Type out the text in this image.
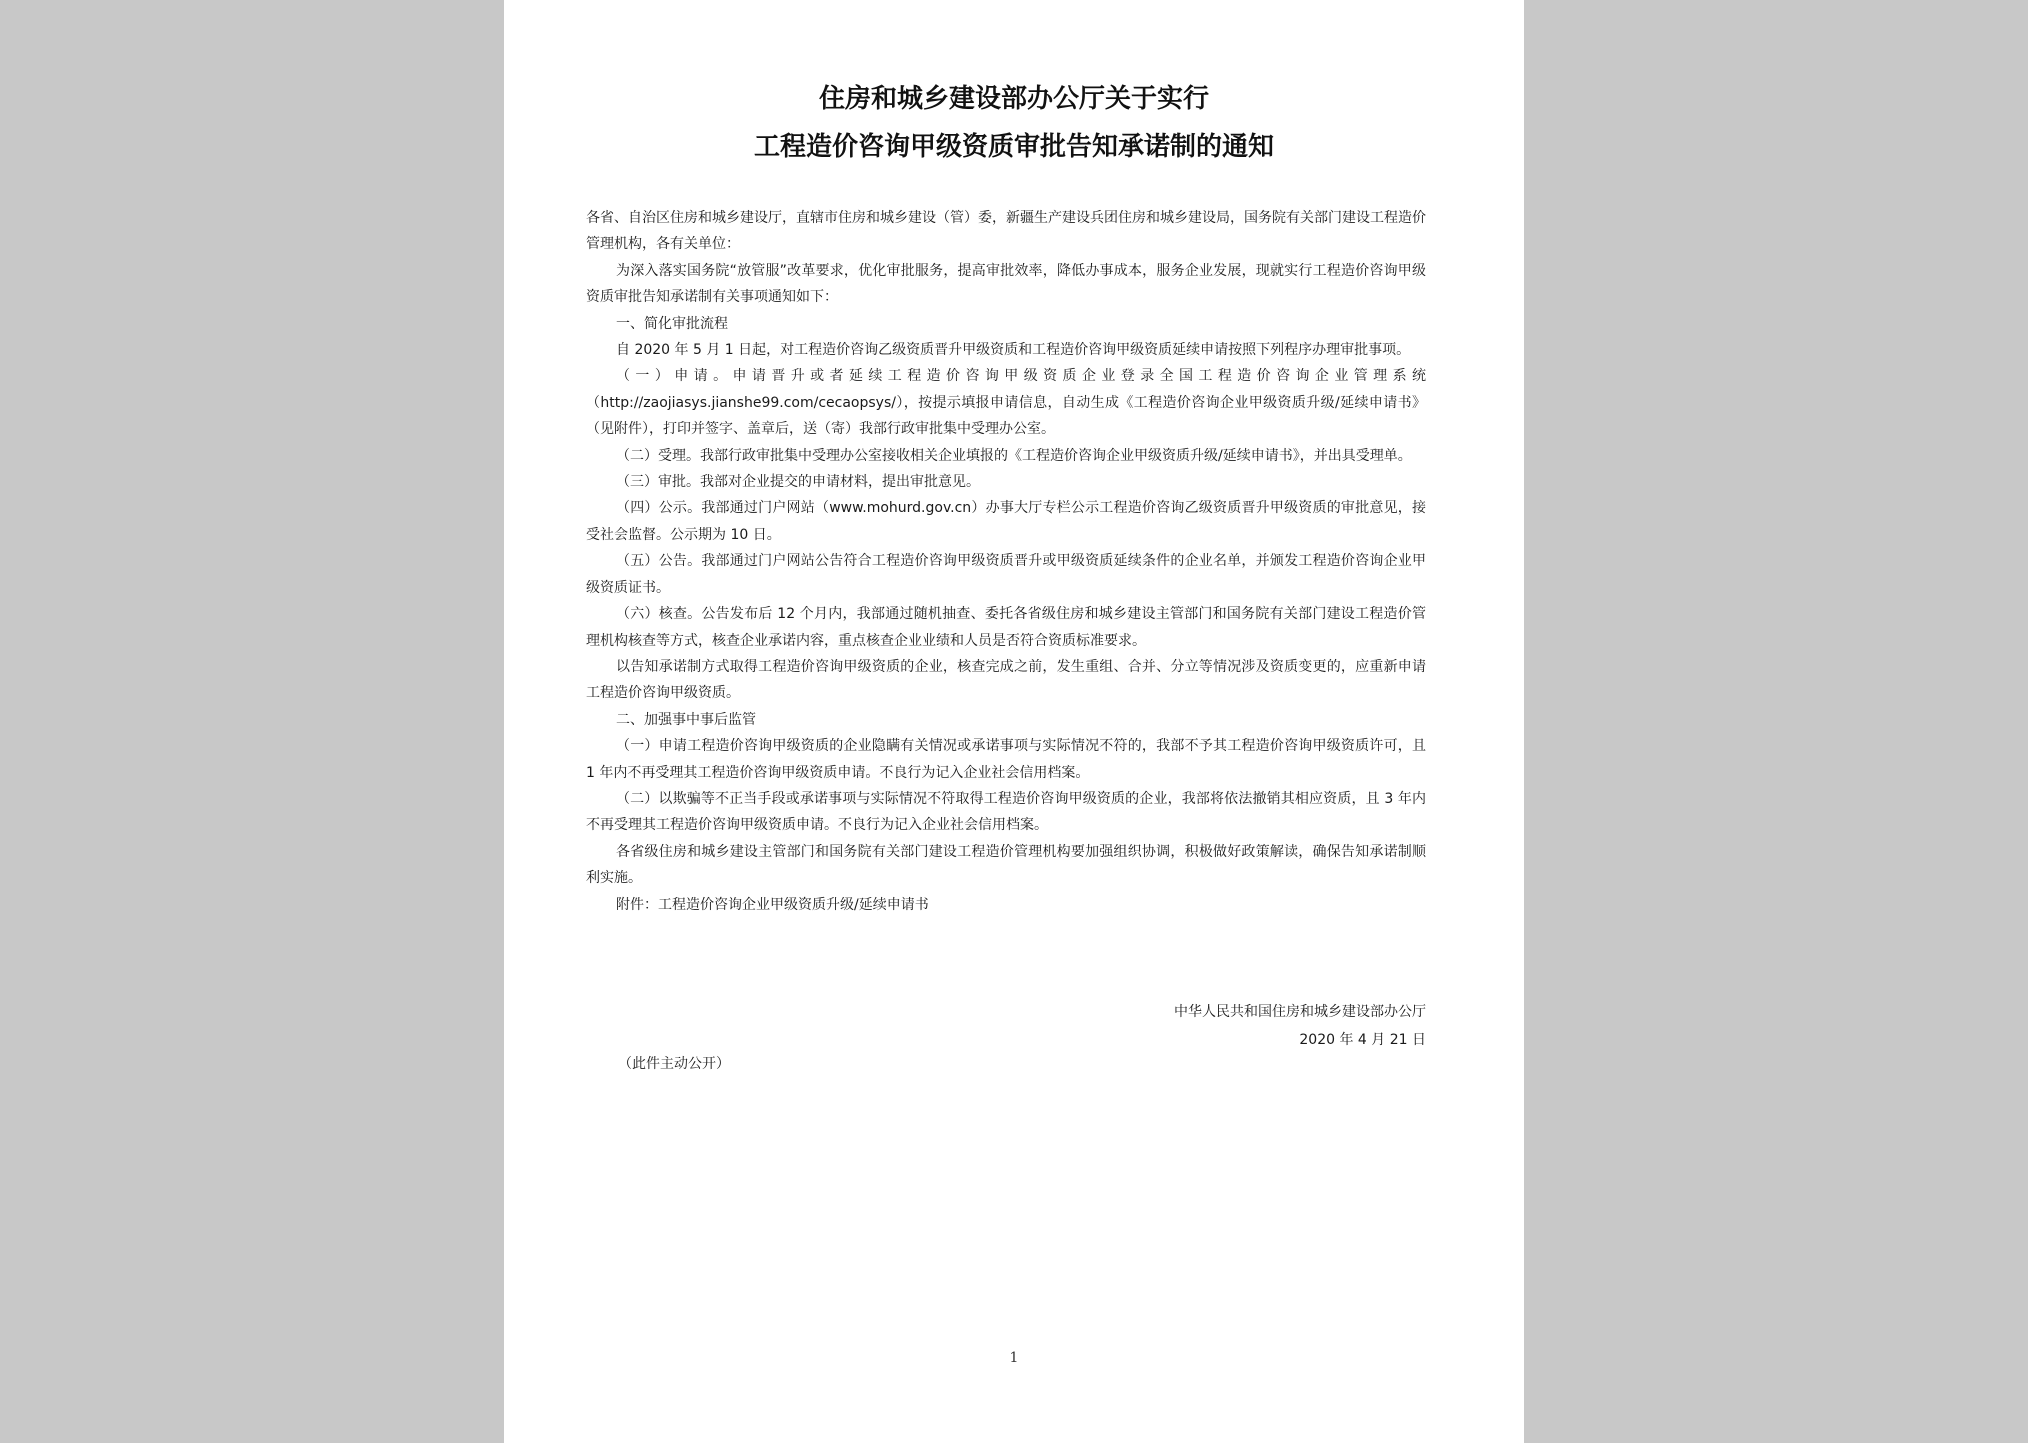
住房和城乡建设部办公厅关于实行
工程造价咨询甲级资质审批告知承诺制的通知

各省、自治区住房和城乡建设厅，直辖市住房和城乡建设（管）委，新疆生产建设兵团住房和城乡建设局，国务院有关部门建设工程造价管理机构，各有关单位：

为深入落实国务院“放管服”改革要求，优化审批服务，提高审批效率，降低办事成本，服务企业发展，现就实行工程造价咨询甲级资质审批告知承诺制有关事项通知如下：

一、简化审批流程

自 2020 年 5 月 1 日起，对工程造价咨询乙级资质晋升甲级资质和工程造价咨询甲级资质延续申请按照下列程序办理审批事项。

（一）申请。申请晋升或者延续工程造价咨询甲级资质企业登录全国工程造价咨询企业管理系统（http://zaojiasys.jianshe99.com/cecaopsys/），按提示填报申请信息，自动生成《工程造价咨询企业甲级资质升级/延续申请书》（见附件），打印并签字、盖章后，送（寄）我部行政审批集中受理办公室。

（二）受理。我部行政审批集中受理办公室接收相关企业填报的《工程造价咨询企业甲级资质升级/延续申请书》，并出具受理单。

（三）审批。我部对企业提交的申请材料，提出审批意见。

（四）公示。我部通过门户网站（www.mohurd.gov.cn）办事大厅专栏公示工程造价咨询乙级资质晋升甲级资质的审批意见，接受社会监督。公示期为 10 日。

（五）公告。我部通过门户网站公告符合工程造价咨询甲级资质晋升或甲级资质延续条件的企业名单，并颁发工程造价咨询企业甲级资质证书。

（六）核查。公告发布后 12 个月内，我部通过随机抽查、委托各省级住房和城乡建设主管部门和国务院有关部门建设工程造价管理机构核查等方式，核查企业承诺内容，重点核查企业业绩和人员是否符合资质标准要求。

以告知承诺制方式取得工程造价咨询甲级资质的企业，核查完成之前，发生重组、合并、分立等情况涉及资质变更的，应重新申请工程造价咨询甲级资质。

二、加强事中事后监管

（一）申请工程造价咨询甲级资质的企业隐瞒有关情况或承诺事项与实际情况不符的，我部不予其工程造价咨询甲级资质许可，且 1 年内不再受理其工程造价咨询甲级资质申请。不良行为记入企业社会信用档案。

（二）以欺骗等不正当手段或承诺事项与实际情况不符取得工程造价咨询甲级资质的企业，我部将依法撤销其相应资质，且 3 年内不再受理其工程造价咨询甲级资质申请。不良行为记入企业社会信用档案。

各省级住房和城乡建设主管部门和国务院有关部门建设工程造价管理机构要加强组织协调，积极做好政策解读，确保告知承诺制顺利实施。

附件：工程造价咨询企业甲级资质升级/延续申请书

中华人民共和国住房和城乡建设部办公厅

2020 年 4 月 21 日

（此件主动公开）
1
